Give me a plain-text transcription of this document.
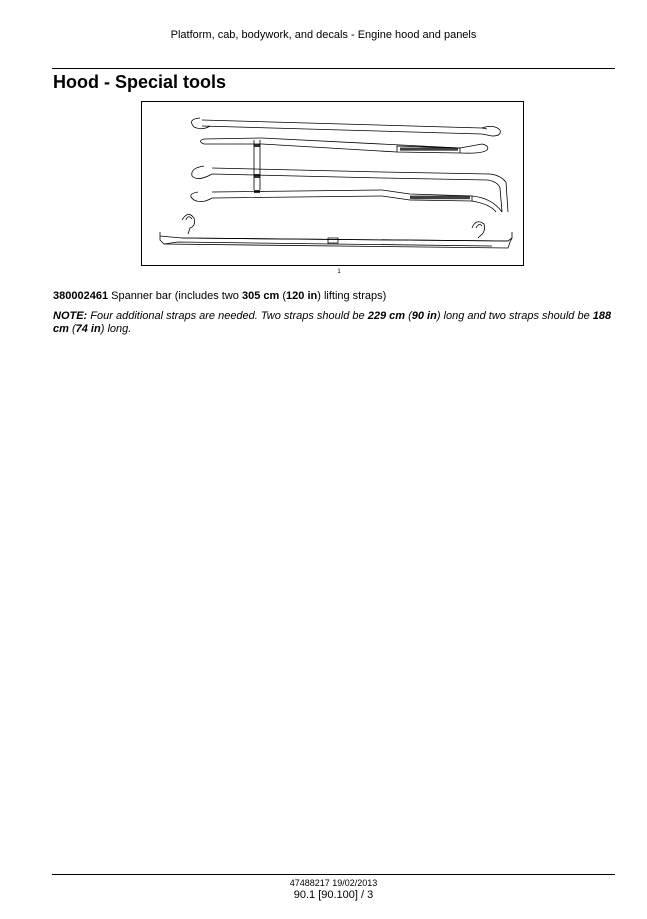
Platform, cab, bodywork, and decals - Engine hood and panels
Hood - Special tools
1
380002461 Spanner bar (includes two 305 cm (120 in) lifting straps)
NOTE: Four additional straps are needed. Two straps should be 229 cm (90 in) long and two straps should be 188 cm (74 in) long.
47488217 19/02/2013
90.1 [90.100] / 3
